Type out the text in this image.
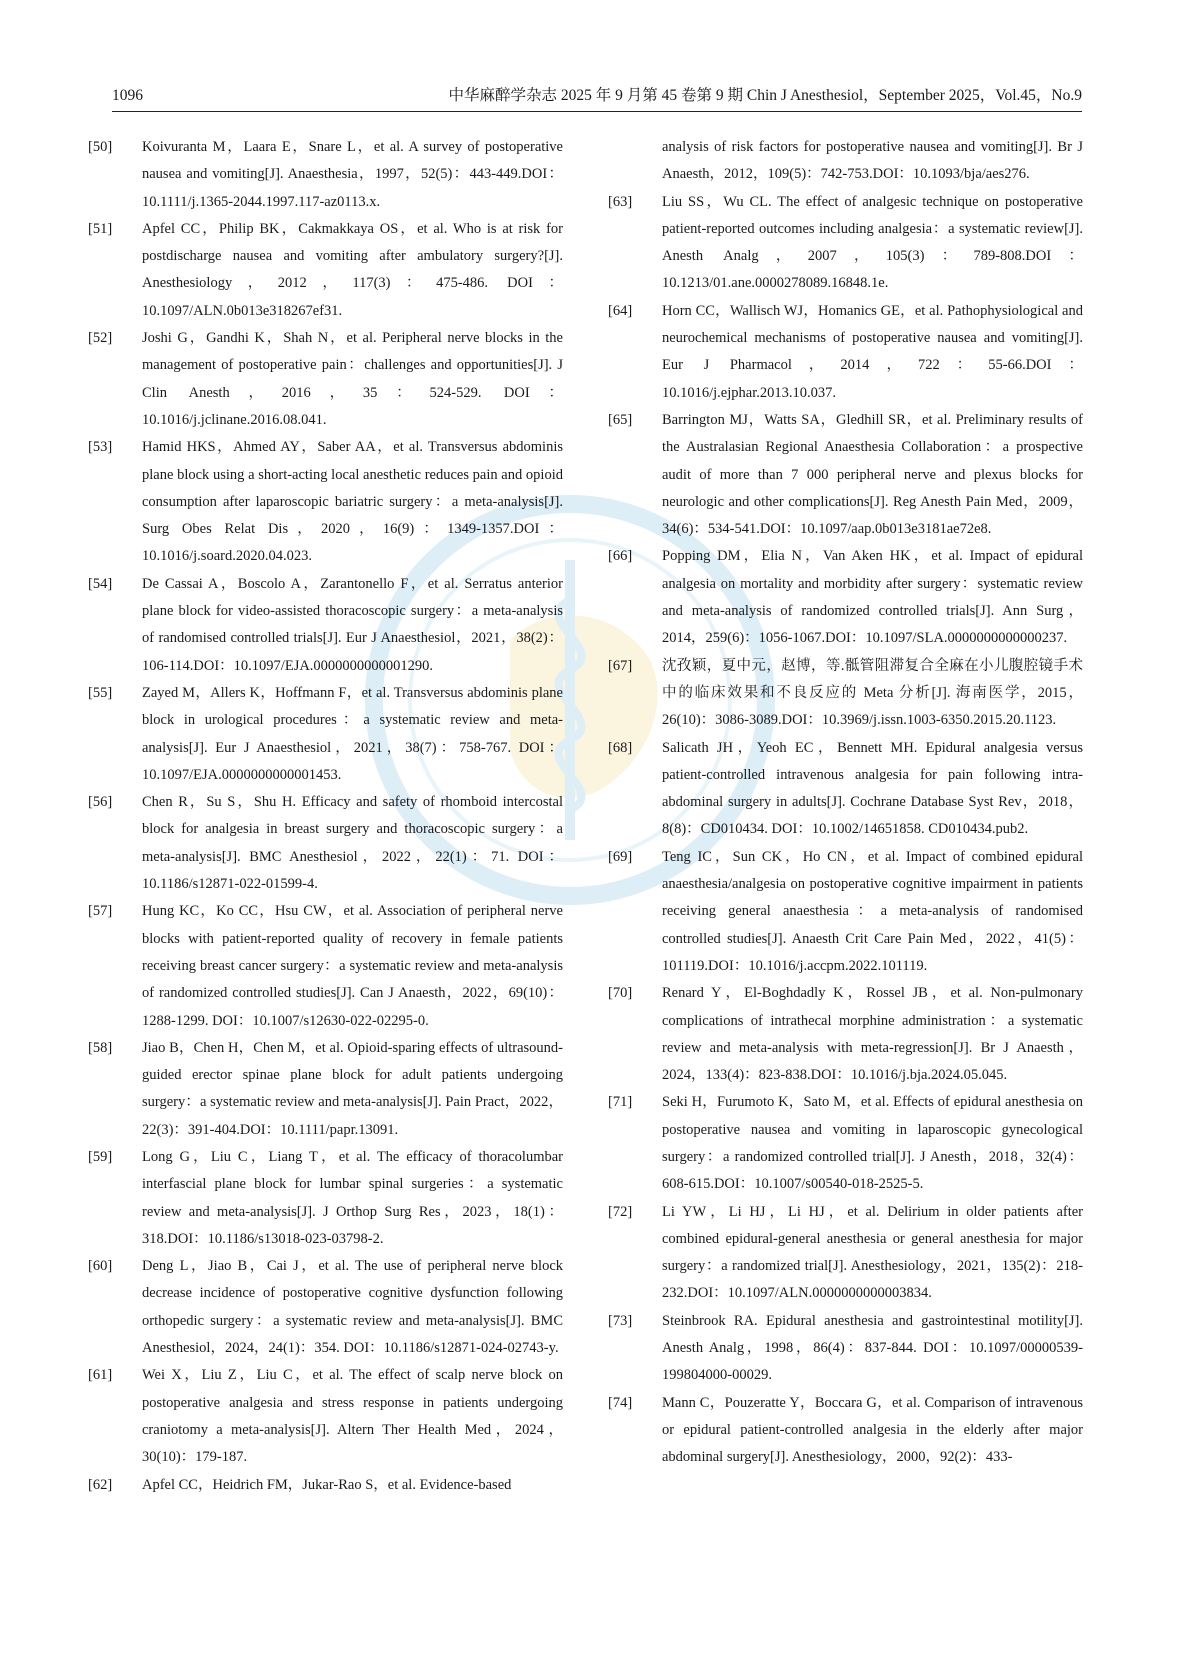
1096	中华麻醉学杂志 2025 年 9 月第 45 卷第 9 期 Chin J Anesthesiol，September 2025，Vol.45，No.9
[50]	Koivuranta M，Laara E，Snare L，et al. A survey of postoperative nausea and vomiting[J]. Anaesthesia，1997，52(5)：443-449.DOI：10.1111/j.1365-2044.1997.117-az0113.x.
[51]	Apfel CC，Philip BK，Cakmakkaya OS，et al. Who is at risk for postdischarge nausea and vomiting after ambulatory surgery?[J]. Anesthesiology，2012，117(3)：475-486. DOI：10.1097/ALN.0b013e318267ef31.
[52]	Joshi G，Gandhi K，Shah N，et al. Peripheral nerve blocks in the management of postoperative pain：challenges and opportunities[J]. J Clin Anesth，2016，35：524-529. DOI：10.1016/j.jclinane.2016.08.041.
[53]	Hamid HKS，Ahmed AY，Saber AA，et al. Transversus abdominis plane block using a short-acting local anesthetic reduces pain and opioid consumption after laparoscopic bariatric surgery：a meta-analysis[J]. Surg Obes Relat Dis，2020，16(9)：1349-1357.DOI：10.1016/j.soard.2020.04.023.
[54]	De Cassai A，Boscolo A，Zarantonello F，et al. Serratus anterior plane block for video-assisted thoracoscopic surgery：a meta-analysis of randomised controlled trials[J]. Eur J Anaesthesiol，2021，38(2)：106-114.DOI：10.1097/EJA.0000000000001290.
[55]	Zayed M，Allers K，Hoffmann F，et al. Transversus abdominis plane block in urological procedures：a systematic review and meta-analysis[J]. Eur J Anaesthesiol，2021，38(7)：758-767. DOI：10.1097/EJA.0000000000001453.
[56]	Chen R，Su S，Shu H. Efficacy and safety of rhomboid intercostal block for analgesia in breast surgery and thoracoscopic surgery：a meta-analysis[J]. BMC Anesthesiol，2022，22(1)：71. DOI：10.1186/s12871-022-01599-4.
[57]	Hung KC，Ko CC，Hsu CW，et al. Association of peripheral nerve blocks with patient-reported quality of recovery in female patients receiving breast cancer surgery：a systematic review and meta-analysis of randomized controlled studies[J]. Can J Anaesth，2022，69(10)：1288-1299. DOI：10.1007/s12630-022-02295-0.
[58]	Jiao B，Chen H，Chen M，et al. Opioid-sparing effects of ultrasound-guided erector spinae plane block for adult patients undergoing surgery：a systematic review and meta-analysis[J]. Pain Pract，2022，22(3)：391-404.DOI：10.1111/papr.13091.
[59]	Long G，Liu C，Liang T，et al. The efficacy of thoracolumbar interfascial plane block for lumbar spinal surgeries：a systematic review and meta-analysis[J]. J Orthop Surg Res，2023，18(1)：318.DOI：10.1186/s13018-023-03798-2.
[60]	Deng L，Jiao B，Cai J，et al. The use of peripheral nerve block decrease incidence of postoperative cognitive dysfunction following orthopedic surgery：a systematic review and meta-analysis[J]. BMC Anesthesiol，2024，24(1)：354. DOI：10.1186/s12871-024-02743-y.
[61]	Wei X，Liu Z，Liu C，et al. The effect of scalp nerve block on postoperative analgesia and stress response in patients undergoing craniotomy a meta-analysis[J]. Altern Ther Health Med，2024，30(10)：179-187.
[62]	Apfel CC，Heidrich FM，Jukar-Rao S，et al. Evidence-based
analysis of risk factors for postoperative nausea and vomiting[J]. Br J Anaesth，2012，109(5)：742-753.DOI：10.1093/bja/aes276.
[63]	Liu SS，Wu CL. The effect of analgesic technique on postoperative patient-reported outcomes including analgesia：a systematic review[J]. Anesth Analg，2007，105(3)：789-808.DOI：10.1213/01.ane.0000278089.16848.1e.
[64]	Horn CC，Wallisch WJ，Homanics GE，et al. Pathophysiological and neurochemical mechanisms of postoperative nausea and vomiting[J]. Eur J Pharmacol，2014，722：55-66.DOI：10.1016/j.ejphar.2013.10.037.
[65]	Barrington MJ，Watts SA，Gledhill SR，et al. Preliminary results of the Australasian Regional Anaesthesia Collaboration：a prospective audit of more than 7 000 peripheral nerve and plexus blocks for neurologic and other complications[J]. Reg Anesth Pain Med，2009，34(6)：534-541.DOI：10.1097/aap.0b013e3181ae72e8.
[66]	Popping DM，Elia N，Van Aken HK，et al. Impact of epidural analgesia on mortality and morbidity after surgery：systematic review and meta-analysis of randomized controlled trials[J]. Ann Surg，2014，259(6)：1056-1067.DOI：10.1097/SLA.0000000000000237.
[67]	沈孜颖，夏中元，赵博，等.骶管阻滞复合全麻在小儿腹腔镜手术中的临床效果和不良反应的 Meta 分析[J]. 海南医学，2015，26(10)：3086-3089.DOI：10.3969/j.issn.1003-6350.2015.20.1123.
[68]	Salicath JH，Yeoh EC，Bennett MH. Epidural analgesia versus patient-controlled intravenous analgesia for pain following intra-abdominal surgery in adults[J]. Cochrane Database Syst Rev，2018，8(8)：CD010434. DOI：10.1002/14651858. CD010434.pub2.
[69]	Teng IC，Sun CK，Ho CN，et al. Impact of combined epidural anaesthesia/analgesia on postoperative cognitive impairment in patients receiving general anaesthesia：a meta-analysis of randomised controlled studies[J]. Anaesth Crit Care Pain Med，2022，41(5)：101119.DOI：10.1016/j.accpm.2022.101119.
[70]	Renard Y，El-Boghdadly K，Rossel JB，et al. Non-pulmonary complications of intrathecal morphine administration：a systematic review and meta-analysis with meta-regression[J]. Br J Anaesth，2024，133(4)：823-838.DOI：10.1016/j.bja.2024.05.045.
[71]	Seki H，Furumoto K，Sato M，et al. Effects of epidural anesthesia on postoperative nausea and vomiting in laparoscopic gynecological surgery：a randomized controlled trial[J]. J Anesth，2018，32(4)：608-615.DOI：10.1007/s00540-018-2525-5.
[72]	Li YW，Li HJ，Li HJ，et al. Delirium in older patients after combined epidural-general anesthesia or general anesthesia for major surgery：a randomized trial[J]. Anesthesiology，2021，135(2)：218-232.DOI：10.1097/ALN.0000000000003834.
[73]	Steinbrook RA. Epidural anesthesia and gastrointestinal motility[J]. Anesth Analg，1998，86(4)：837-844. DOI：10.1097/00000539-199804000-00029.
[74]	Mann C，Pouzeratte Y，Boccara G，et al. Comparison of intravenous or epidural patient-controlled analgesia in the elderly after major abdominal surgery[J]. Anesthesiology，2000，92(2)：433-
